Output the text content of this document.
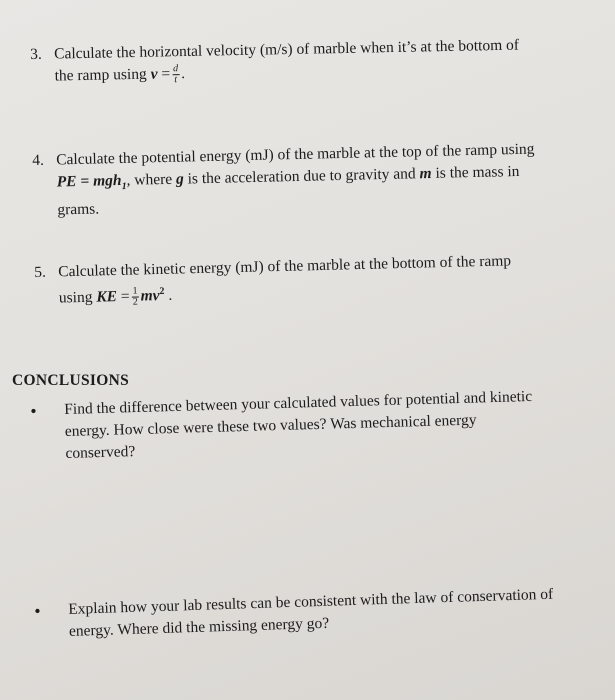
3. Calculate the horizontal velocity (m/s) of marble when it’s at the bottom of
the ramp using $v = \frac{d}{t}$ .
4. Calculate the potential energy (mJ) of the marble at the top of the ramp using
PE = mgh$_1$, where g is the acceleration due to gravity and m is the mass in
grams.
5. Calculate the kinetic energy (mJ) of the marble at the bottom of the ramp
using KE = $\frac{1}{2} mv^2$ .
CONCLUSIONS
• Find the difference between your calculated values for potential and kinetic
energy. How close were these two values? Was mechanical energy
conserved?
• Explain how your lab results can be consistent with the law of conservation of
energy. Where did the missing energy go?
